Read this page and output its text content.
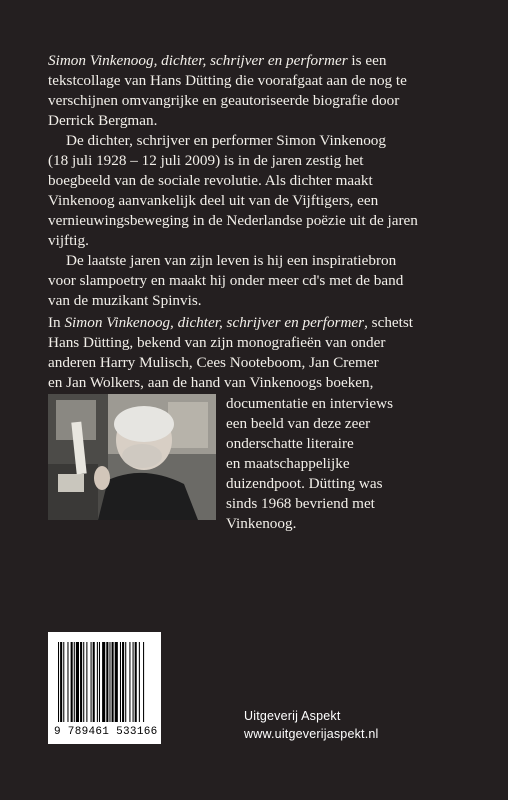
Simon Vinkenoog, dichter, schrijver en performer is een
tekstcollage van Hans Dütting die voorafgaat aan de nog te
verschijnen omvangrijke en geautoriseerde biografie door
Derrick Bergman.

De dichter, schrijver en performer Simon Vinkenoog
(18 juli 1928 – 12 juli 2009) is in de jaren zestig het
boegbeeld van de sociale revolutie. Als dichter maakt
Vinkenoog aanvankelijk deel uit van de Vijftigers, een
vernieuwingsbeweging in de Nederlandse poëzie uit de jaren
vijftig.

De laatste jaren van zijn leven is hij een inspiratiebron
voor slampoetry en maakt hij onder meer cd's met de band
van de muzikant Spinvis.

In Simon Vinkenoog, dichter, schrijver en performer, schetst
Hans Dütting, bekend van zijn monografieën van onder
anderen Harry Mulisch, Cees Nooteboom, Jan Cremer
en Jan Wolkers, aan de hand van Vinkenoogs boeken,

documentatie en interviews
een beeld van deze zeer
onderschatte literaire
en maatschappelijke
duizendpoot. Dütting was
sinds 1968 bevriend met
Vinkenoog.
9 789461 533166
Uitgeverij Aspekt
www.uitgeverijaspekt.nl
